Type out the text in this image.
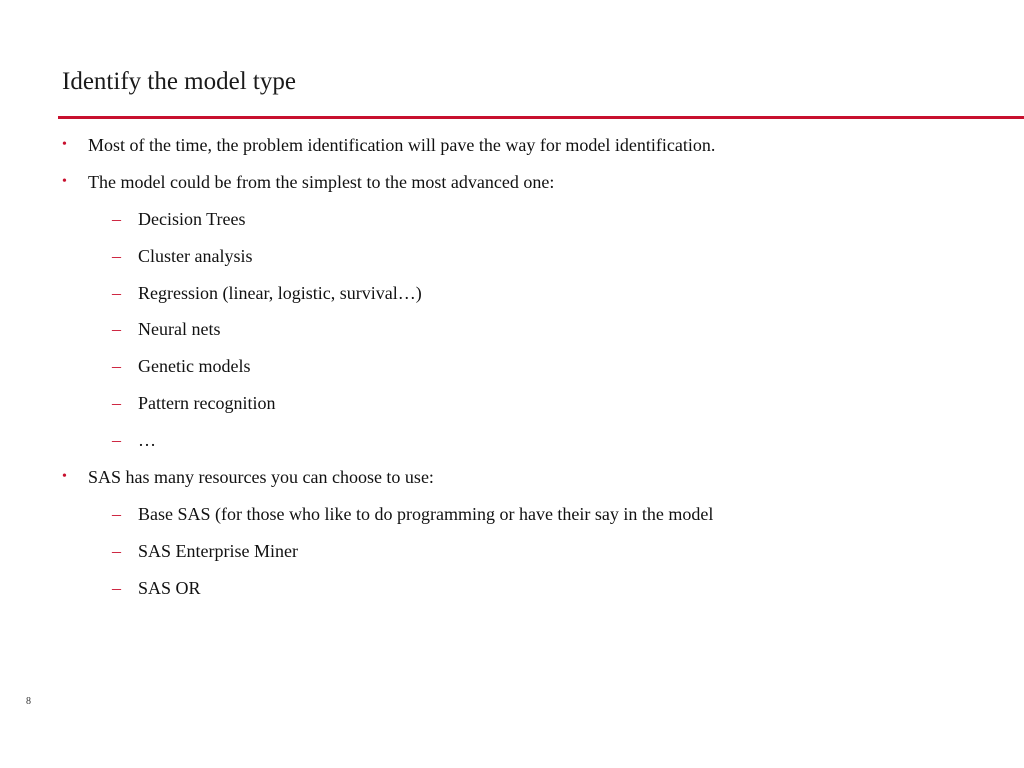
Identify the model type
• Most of the time, the problem identification will pave the way for model identification.
• The model could be from the simplest to the most advanced one:
– Decision Trees
– Cluster analysis
– Regression (linear, logistic, survival…)
– Neural nets
– Genetic models
– Pattern recognition
– …
• SAS has many resources you can choose to use:
– Base SAS (for those who like to do programming or have their say in the model
– SAS Enterprise Miner
– SAS OR
8
